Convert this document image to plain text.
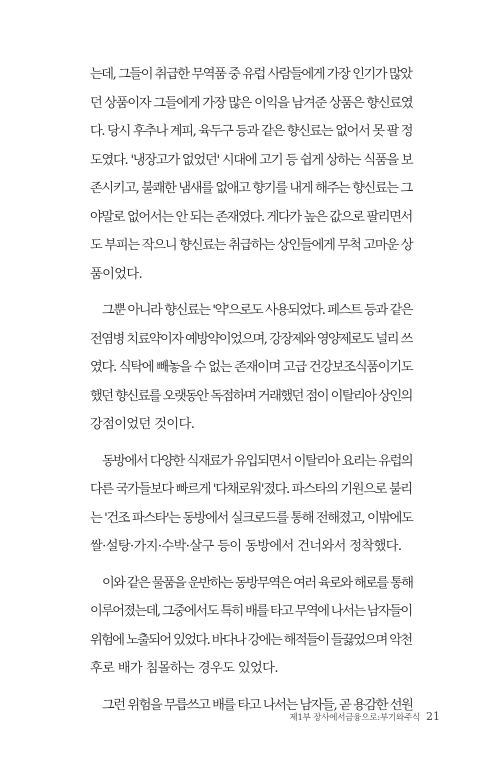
는데, 그들이 취급한 무역품 중 유럽 사람들에게 가장 인기가 많았
던 상품이자 그들에게 가장 많은 이익을 남겨준 상품은 향신료였
다. 당시 후추나 계피, 육두구 등과 같은 향신료는 없어서 못 팔 정
도였다. '냉장고가 없었던' 시대에 고기 등 쉽게 상하는 식품을 보
존시키고, 불쾌한 냄새를 없애고 향기를 내게 해주는 향신료는 그
야말로 없어서는 안 되는 존재였다. 게다가 높은 값으로 팔리면서
도 부피는 작으니 향신료는 취급하는 상인들에게 무척 고마운 상
품이었다.
그뿐 아니라 향신료는 '약'으로도 사용되었다. 페스트 등과 같은
전염병 치료약이자 예방약이었으며, 강장제와 영양제로도 널리 쓰
였다. 식탁에 빼놓을 수 없는 존재이며 고급 건강보조식품이기도
했던 향신료를 오랫동안 독점하며 거래했던 점이 이탈리아 상인의
강점이었던 것이다.
동방에서 다양한 식재료가 유입되면서 이탈리아 요리는 유럽의
다른 국가들보다 빠르게 '다채로워'졌다. 파스타의 기원으로 불리
는 '건조 파스타'는 동방에서 실크로드를 통해 전해졌고, 이밖에도
쌀·설탕·가지·수박·살구 등이 동방에서 건너와서 정착했다.
이와 같은 물품을 운반하는 동방무역은 여러 육로와 해로를 통해
이루어졌는데, 그중에서도 특히 배를 타고 무역에 나서는 남자들이
위험에 노출되어 있었다. 바다나 강에는 해적들이 들끓었으며 악천
후로 배가 침몰하는 경우도 있었다.
그런 위험을 무릅쓰고 배를 타고 나서는 남자들, 곧 용감한 선원
제1부 장사에서금융으로:부기와주식 21
